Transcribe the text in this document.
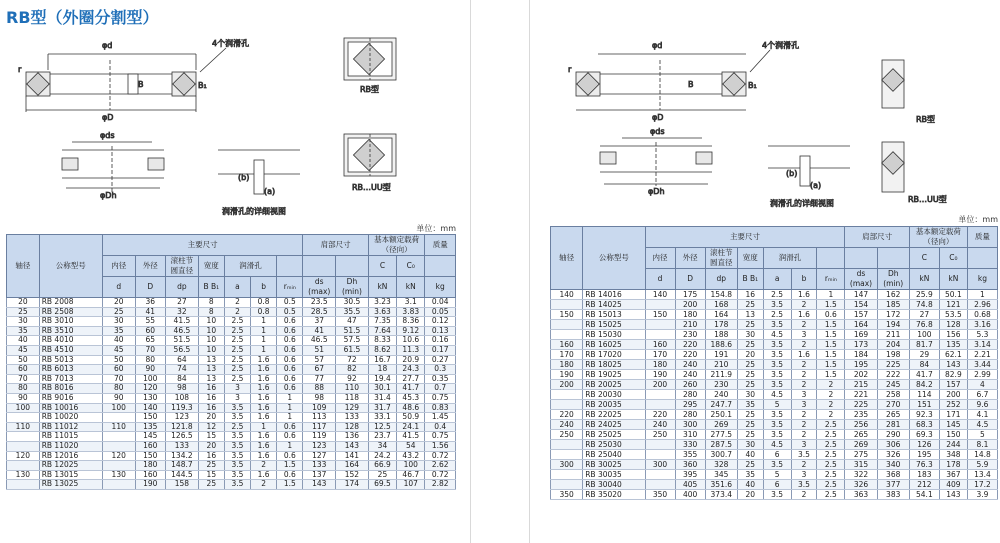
RB型（外圈分割型）
φd
B	B₁
r
φD
4个润滑孔
RB型
φds
φDh
(b)
(a)
润滑孔的详细视图
RB…UU型
单位：mm
轴径	公称型号	主要尺寸							肩部尺寸		基本额定载荷（径向）		质量
		内径	外径	滚柱节圆直径	宽度	润滑孔					C	C₀	
		d	D	dp	B B₁	a	b	rₘᵢₙ	ds (max)	Dh (min)	kN	kN	kg
20	RB 2008	20	36	27	8	2	0.8	0.5	23.5	30.5	3.23	3.1	0.04
25	RB 2508	25	41	32	8	2	0.8	0.5	28.5	35.5	3.63	3.83	0.05
30	RB 3010	30	55	41.5	10	2.5	1	0.6	37	47	7.35	8.36	0.12
35	RB 3510	35	60	46.5	10	2.5	1	0.6	41	51.5	7.64	9.12	0.13
40	RB 4010	40	65	51.5	10	2.5	1	0.6	46.5	57.5	8.33	10.6	0.16
45	RB 4510	45	70	56.5	10	2.5	1	0.6	51	61.5	8.62	11.3	0.17
50	RB 5013	50	80	64	13	2.5	1.6	0.6	57	72	16.7	20.9	0.27
60	RB 6013	60	90	74	13	2.5	1.6	0.6	67	82	18	24.3	0.3
70	RB 7013	70	100	84	13	2.5	1.6	0.6	77	92	19.4	27.7	0.35
80	RB 8016	80	120	98	16	3	1.6	0.6	88	110	30.1	41.7	0.7
90	RB 9016	90	130	108	16	3	1.6	1	98	118	31.4	45.3	0.75
100	RB 10016	100	140	119.3	16	3.5	1.6	1	109	129	31.7	48.6	0.83
	RB 10020		150	123	20	3.5	1.6	1	113	133	33.1	50.9	1.45
110	RB 11012	110	135	121.8	12	2.5	1	0.6	117	128	12.5	24.1	0.4
	RB 11015		145	126.5	15	3.5	1.6	0.6	119	136	23.7	41.5	0.75
	RB 11020		160	133	20	3.5	1.6	1	123	143	34	54	1.56
120	RB 12016	120	150	134.2	16	3.5	1.6	0.6	127	141	24.2	43.2	0.72
	RB 12025		180	148.7	25	3.5	2	1.5	133	164	66.9	100	2.62
130	RB 13015	130	160	144.5	15	3.5	1.6	0.6	137	152	25	46.7	0.72
	RB 13025		190	158	25	3.5	2	1.5	143	174	69.5	107	2.82
φd
B	B₁
r
φD
4个润滑孔
RB型
φds
φDh
(b)
(a)
润滑孔的详细视图	RB…UU型
单位：mm
轴径	公称型号	主要尺寸							肩部尺寸		基本额定载荷（径向）		质量
		内径	外径	滚柱节圆直径	宽度	润滑孔					C	C₀	
		d	D	dp	B B₁	a	b	rₘᵢₙ	ds (max)	Dh (min)	kN	kN	kg
140	RB 14016	140	175	154.8	16	2.5	1.6	1	147	162	25.9	50.1	1
	RB 14025		200	168	25	3.5	2	1.5	154	185	74.8	121	2.96
150	RB 15013	150	180	164	13	2.5	1.6	0.6	157	172	27	53.5	0.68
	RB 15025		210	178	25	3.5	2	1.5	164	194	76.8	128	3.16
	RB 15030		230	188	30	4.5	3	1.5	169	211	100	156	5.3
160	RB 16025	160	220	188.6	25	3.5	2	1.5	173	204	81.7	135	3.14
170	RB 17020	170	220	191	20	3.5	1.6	1.5	184	198	29	62.1	2.21
180	RB 18025	180	240	210	25	3.5	2	1.5	195	225	84	143	3.44
190	RB 19025	190	240	211.9	25	3.5	2	1.5	202	222	41.7	82.9	2.99
200	RB 20025	200	260	230	25	3.5	2	2	215	245	84.2	157	4
	RB 20030		280	240	30	4.5	3	2	221	258	114	200	6.7
	RB 20035		295	247.7	35	5	3	2	225	270	151	252	9.6
220	RB 22025	220	280	250.1	25	3.5	2	2	235	265	92.3	171	4.1
240	RB 24025	240	300	269	25	3.5	2	2.5	256	281	68.3	145	4.5
250	RB 25025	250	310	277.5	25	3.5	2	2.5	265	290	69.3	150	5
	RB 25030		330	287.5	30	4.5	3	2.5	269	306	126	244	8.1
	RB 25040		355	300.7	40	6	3.5	2.5	275	326	195	348	14.8
300	RB 30025	300	360	328	25	3.5	2	2.5	315	340	76.3	178	5.9
	RB 30035		395	345	35	5	3	2.5	322	368	183	367	13.4
	RB 30040		405	351.6	40	6	3.5	2.5	326	377	212	409	17.2
350	RB 35020	350	400	373.4	20	3.5	2	2.5	363	383	54.1	143	3.9
